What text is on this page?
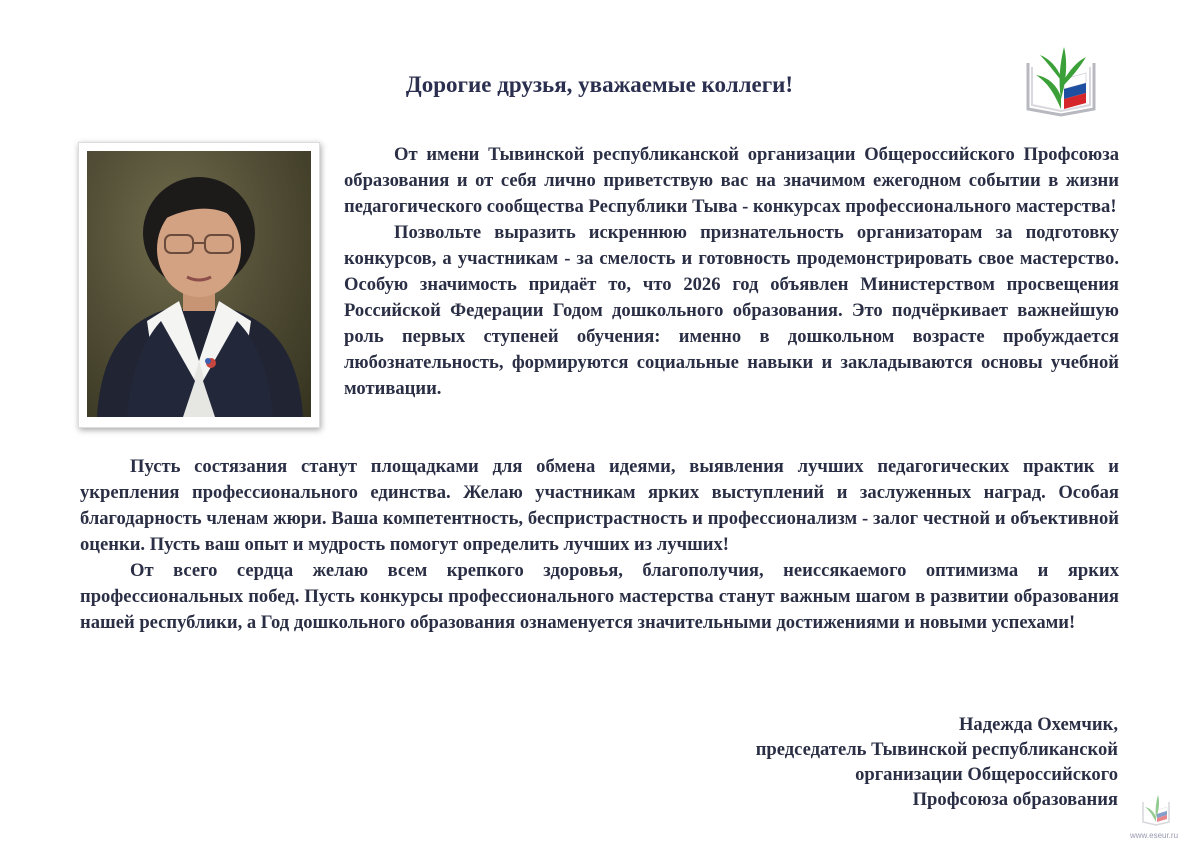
Дорогие друзья, уважаемые коллеги!

От имени Тывинской республиканской организации Общероссийского Профсоюза образования и от себя лично приветствую вас на значимом ежегодном событии в жизни педагогического сообщества Республики Тыва - конкурсах профессионального мастерства!

Позвольте выразить искреннюю признательность организаторам за подготовку конкурсов, а участникам - за смелость и готовность продемонстрировать свое мастерство. Особую значимость придаёт то, что 2026 год объявлен Министерством просвещения Российской Федерации Годом дошкольного образования. Это подчёркивает важнейшую роль первых ступеней обучения: именно в дошкольном возрасте пробуждается любознательность, формируются социальные навыки и закладываются основы учебной мотивации.

Пусть состязания станут площадками для обмена идеями, выявления лучших педагогических практик и укрепления профессионального единства. Желаю участникам ярких выступлений и заслуженных наград. Особая благодарность членам жюри. Ваша компетентность, беспристрастность и профессионализм - залог честной и объективной оценки. Пусть ваш опыт и мудрость помогут определить лучших из лучших!

От всего сердца желаю всем крепкого здоровья, благополучия, неиссякаемого оптимизма и ярких профессиональных побед. Пусть конкурсы профессионального мастерства станут важным шагом в развитии образования нашей республики, а Год дошкольного образования ознаменуется значительными достижениями и новыми успехами!

Надежда Охемчик,
председатель Тывинской республиканской
организации Общероссийского
Профсоюза образования
www.eseur.ru
